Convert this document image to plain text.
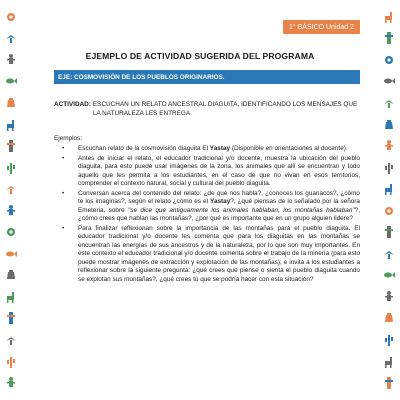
1° BÁSICO Unidad 2
EJEMPLO DE ACTIVIDAD SUGERIDA DEL PROGRAMA
EJE: COSMOVISIÓN DE LOS PUEBLOS ORIGINARIOS.
ACTIVIDAD: ESCUCHAN UN RELATO ANCESTRAL DIAGUITA, IDENTIFICANDO LOS MENSAJES QUE LA NATURALEZA LES ENTREGA
Ejemplos:
• Escuchan relato de la cosmovisión diaguita El Yastay (Disponible en orientaciones al docente).
• Antes de iniciar el relato, el educador tradicional y/o docente, muestra la ubicación del pueblo diaguita, para esto puede usar imágenes de la zona, los animales que allí se encuentran y todo aquello que les permita a los estudiantes, en el caso de que no vivan en esos territorios, comprender el contexto natural, social y cultural del pueblo diaguita.
• Conversan acerca del contenido del relato: ¿de qué nos habla?, ¿conoces los guanacos?, ¿cómo te los imaginas?, según el relato ¿cómo es el Yastay?, ¿qué piensas de lo señalado por la señora Emeteria, sobre "se dice que antiguamente los animales hablaban, los montañas hablaban"?, ¿cómo crees que hablan las montañas?, ¿por qué es importante que en un grupo alguien lidere?
• Para finalizar reflexionan sobre la importancia de las montañas para el pueblo diaguita. El educador tradicional y/o docente les comenta que para los diaguitas en las montañas se encuentran las energías de sus ancestros y de la naturaleza, por lo que son muy importantes. En este contexto el educador tradicional y/o docente comenta sobre el trabajo de la minería (para esto puede mostrar imágenes de extracción y explotación de las montañas), e invita a los estudiantes a reflexionar sobre la siguiente pregunta: ¿qué crees que piense o sienta el pueblo diaguita cuando se explotan sus montañas?, ¿qué crees tú que se podría hacer con esta situación?
